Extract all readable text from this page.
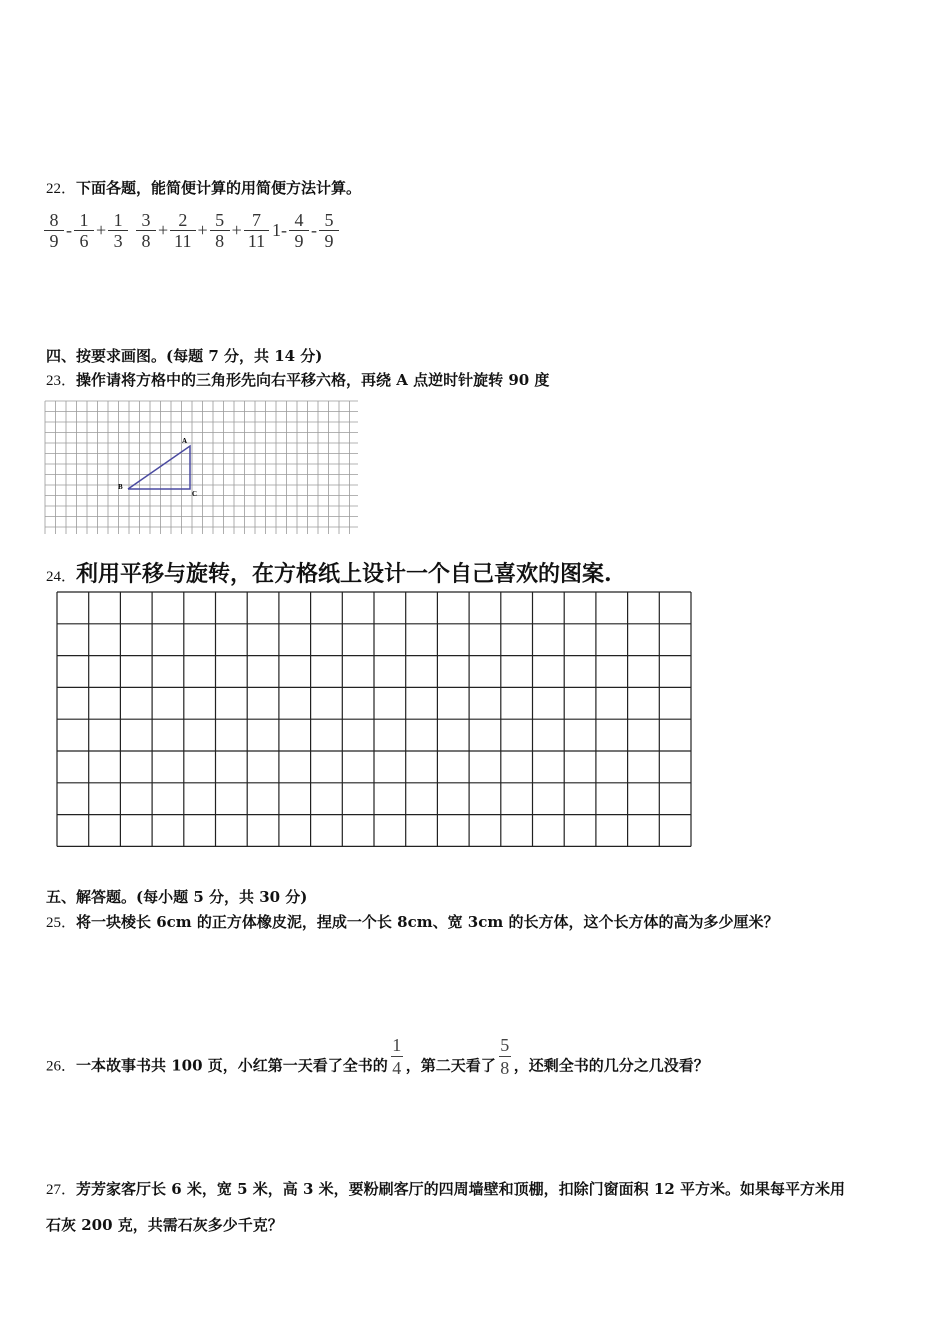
22．下面各题，能简便计算的用简便方法计算。
$\frac{8}{9} - \frac{1}{6} + \frac{1}{3} \frac{3}{8} + \frac{2}{11} + \frac{5}{8} + \frac{7}{11} 1- \frac{4}{9} - \frac{5}{9}$
四、按要求画图。(每题 7 分，共 14 分)
23．操作请将方格中的三角形先向右平移六格，再绕 A 点逆时针旋转 90 度
A
B
C
24．利用平移与旋转，在方格纸上设计一个自己喜欢的图案.
五、解答题。(每小题 5 分，共 30 分)
25．将一块棱长 6cm 的正方体橡皮泥，捏成一个长 8cm、宽 3cm 的长方体，这个长方体的高为多少厘米？
26．一本故事书共 100 页，小红第一天看了全书的 $\frac{1}{4}$ ，第二天看了 $\frac{5}{8}$ ，还剩全书的几分之几没看？
27．芳芳家客厅长 6 米，宽 5 米，高 3 米，要粉刷客厅的四周墙壁和顶棚，扣除门窗面积 12 平方米。如果每平方米用
石灰 200 克，共需石灰多少千克？
